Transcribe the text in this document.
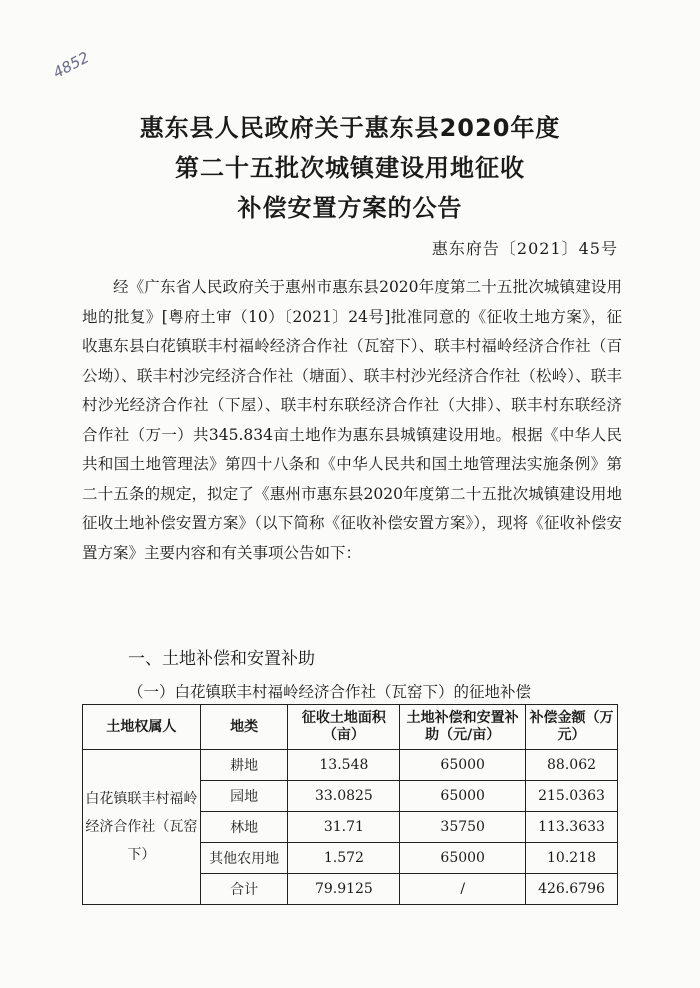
4852
惠东县人民政府关于惠东县2020年度
第二十五批次城镇建设用地征收
补偿安置方案的公告
惠东府告〔2021〕45号

经《广东省人民政府关于惠州市惠东县2020年度第二十五批次城镇建设用地的批复》[粤府土审（10）〔2021〕24号]批准同意的《征收土地方案》，征收惠东县白花镇联丰村福岭经济合作社（瓦窑下）、联丰村福岭经济合作社（百公坳）、联丰村沙完经济合作社（塘面）、联丰村沙光经济合作社（松岭）、联丰村沙光经济合作社（下屋）、联丰村东联经济合作社（大排）、联丰村东联经济合作社（万一）共345.834亩土地作为惠东县城镇建设用地。根据《中华人民共和国土地管理法》第四十八条和《中华人民共和国土地管理法实施条例》第二十五条的规定，拟定了《惠州市惠东县2020年度第二十五批次城镇建设用地征收土地补偿安置方案》（以下简称《征收补偿安置方案》），现将《征收补偿安置方案》主要内容和有关事项公告如下：

一、土地补偿和安置补助
（一）白花镇联丰村福岭经济合作社（瓦窑下）的征地补偿
土地权属人	地类	征收土地面积（亩）	土地补偿和安置补助（元/亩）	补偿金额（万元）
白花镇联丰村福岭经济合作社（瓦窑下）	耕地	13.548	65000	88.062
	园地	33.0825	65000	215.0363
	林地	31.71	35750	113.3633
	其他农用地	1.572	65000	10.218
	合计	79.9125	/	426.6796
